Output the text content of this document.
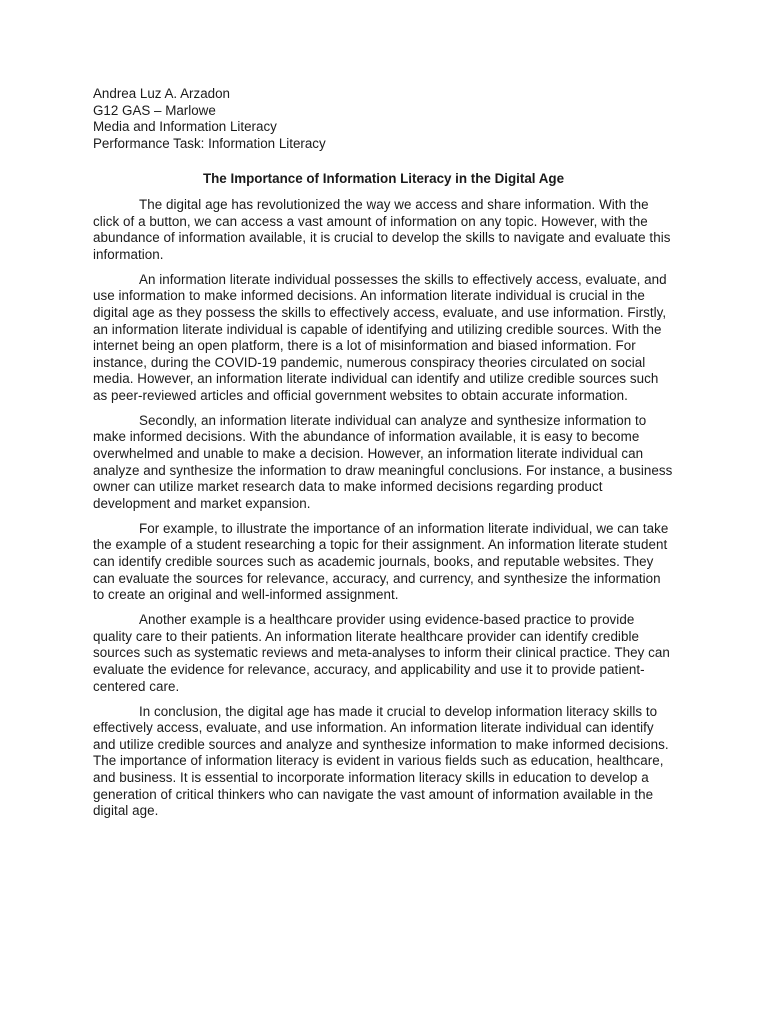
Andrea Luz A. Arzadon

G12 GAS – Marlowe

Media and Information Literacy

Performance Task: Information Literacy

The Importance of Information Literacy in the Digital Age

The digital age has revolutionized the way we access and share information. With the click of a button, we can access a vast amount of information on any topic. However, with the abundance of information available, it is crucial to develop the skills to navigate and evaluate this information.

An information literate individual possesses the skills to effectively access, evaluate, and use information to make informed decisions. An information literate individual is crucial in the digital age as they possess the skills to effectively access, evaluate, and use information. Firstly, an information literate individual is capable of identifying and utilizing credible sources. With the internet being an open platform, there is a lot of misinformation and biased information. For instance, during the COVID-19 pandemic, numerous conspiracy theories circulated on social media. However, an information literate individual can identify and utilize credible sources such as peer-reviewed articles and official government websites to obtain accurate information.

Secondly, an information literate individual can analyze and synthesize information to make informed decisions. With the abundance of information available, it is easy to become overwhelmed and unable to make a decision. However, an information literate individual can analyze and synthesize the information to draw meaningful conclusions. For instance, a business owner can utilize market research data to make informed decisions regarding product development and market expansion.

For example, to illustrate the importance of an information literate individual, we can take the example of a student researching a topic for their assignment. An information literate student can identify credible sources such as academic journals, books, and reputable websites. They can evaluate the sources for relevance, accuracy, and currency, and synthesize the information to create an original and well-informed assignment.

Another example is a healthcare provider using evidence-based practice to provide quality care to their patients. An information literate healthcare provider can identify credible sources such as systematic reviews and meta-analyses to inform their clinical practice. They can evaluate the evidence for relevance, accuracy, and applicability and use it to provide patient-centered care.

In conclusion, the digital age has made it crucial to develop information literacy skills to effectively access, evaluate, and use information. An information literate individual can identify and utilize credible sources and analyze and synthesize information to make informed decisions. The importance of information literacy is evident in various fields such as education, healthcare, and business. It is essential to incorporate information literacy skills in education to develop a generation of critical thinkers who can navigate the vast amount of information available in the digital age.
